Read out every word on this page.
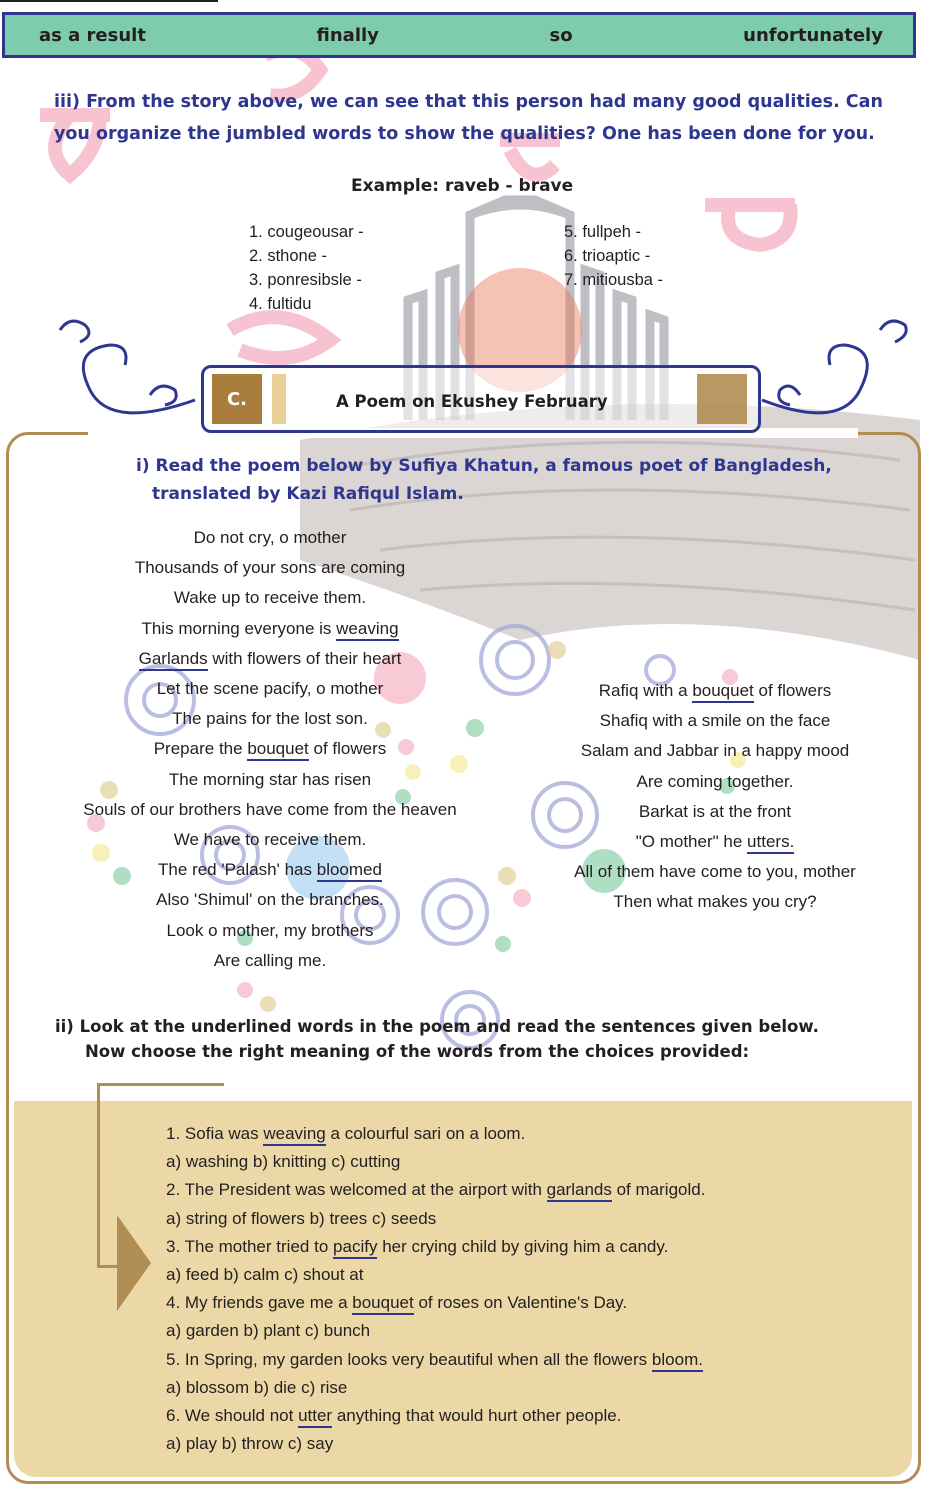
as a result	finally	so	unfortunately
iii) From the story above, we can see that this person had many good qualities. Can you organize the jumbled words to show the qualities? One has been done for you.
Example: raveb - brave
1. cougeousar -
2. sthone -
3. ponresibsle -
4. fultidu
5. fullpeh -
6. trioaptic -
7. mitiousba -
C.	A Poem on Ekushey February
i) Read the poem below by Sufiya Khatun, a famous poet of Bangladesh,
translated by Kazi Rafiqul Islam.
Do not cry, o mother
Thousands of your sons are coming
Wake up to receive them.
This morning everyone is weaving
Garlands with flowers of their heart
Let the scene pacify, o mother
The pains for the lost son.
Prepare the bouquet of flowers
The morning star has risen
Souls of our brothers have come from the heaven
We have to receive them.
The red 'Palash' has bloomed
Also 'Shimul' on the branches.
Look o mother, my brothers
Are calling me.
Rafiq with a bouquet of flowers
Shafiq with a smile on the face
Salam and Jabbar in a happy mood
Are coming together.
Barkat is at the front
"O mother" he utters.
All of them have come to you, mother
Then what makes you cry?
ii) Look at the underlined words in the poem and read the sentences given below.
Now choose the right meaning of the words from the choices provided:
1. Sofia was weaving a colourful sari on a loom.
a) washing b) knitting c) cutting
2. The President was welcomed at the airport with garlands of marigold.
a) string of flowers b) trees c) seeds
3. The mother tried to pacify her crying child by giving him a candy.
a) feed b) calm c) shout at
4. My friends gave me a bouquet of roses on Valentine's Day.
a) garden b) plant c) bunch
5. In Spring, my garden looks very beautiful when all the flowers bloom.
a) blossom b) die c) rise
6. We should not utter anything that would hurt other people.
a) play b) throw c) say
